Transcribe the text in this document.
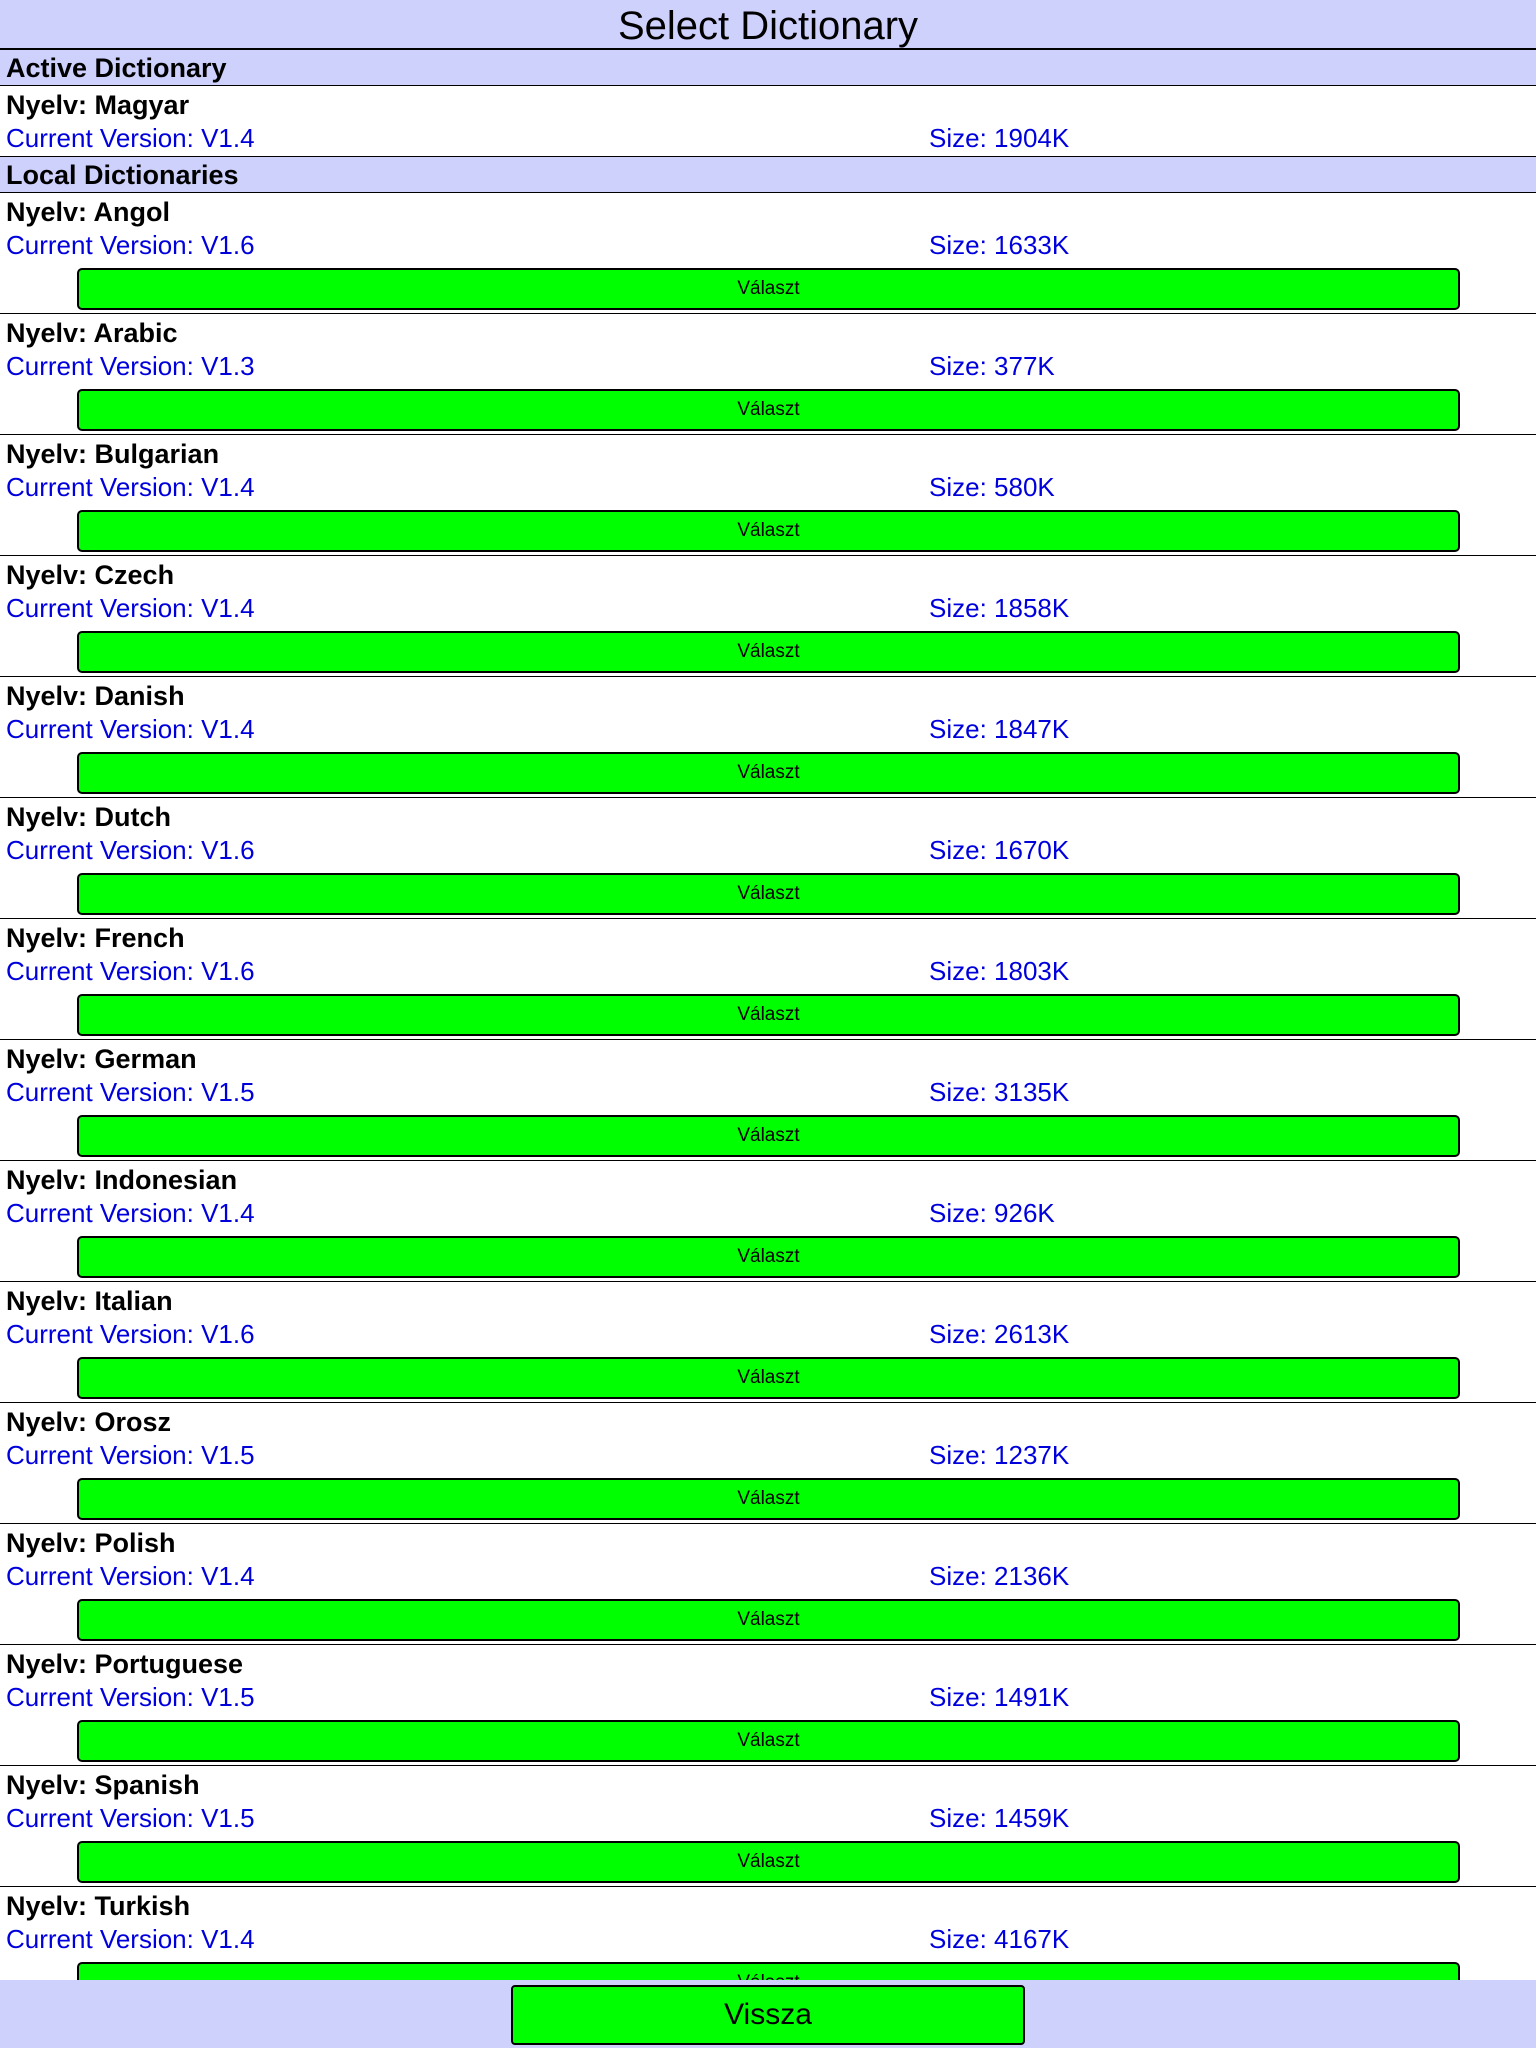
Select Dictionary
Active Dictionary
Nyelv: Magyar
Current Version: V1.4	Size: 1904K
Local Dictionaries
Nyelv: Angol
Current Version: V1.6	Size: 1633K
Választ
Nyelv: Arabic
Current Version: V1.3	Size: 377K
Választ
Nyelv: Bulgarian
Current Version: V1.4	Size: 580K
Választ
Nyelv: Czech
Current Version: V1.4	Size: 1858K
Választ
Nyelv: Danish
Current Version: V1.4	Size: 1847K
Választ
Nyelv: Dutch
Current Version: V1.6	Size: 1670K
Választ
Nyelv: French
Current Version: V1.6	Size: 1803K
Választ
Nyelv: German
Current Version: V1.5	Size: 3135K
Választ
Nyelv: Indonesian
Current Version: V1.4	Size: 926K
Választ
Nyelv: Italian
Current Version: V1.6	Size: 2613K
Választ
Nyelv: Orosz
Current Version: V1.5	Size: 1237K
Választ
Nyelv: Polish
Current Version: V1.4	Size: 2136K
Választ
Nyelv: Portuguese
Current Version: V1.5	Size: 1491K
Választ
Nyelv: Spanish
Current Version: V1.5	Size: 1459K
Választ
Nyelv: Turkish
Current Version: V1.4	Size: 4167K
Vissza
